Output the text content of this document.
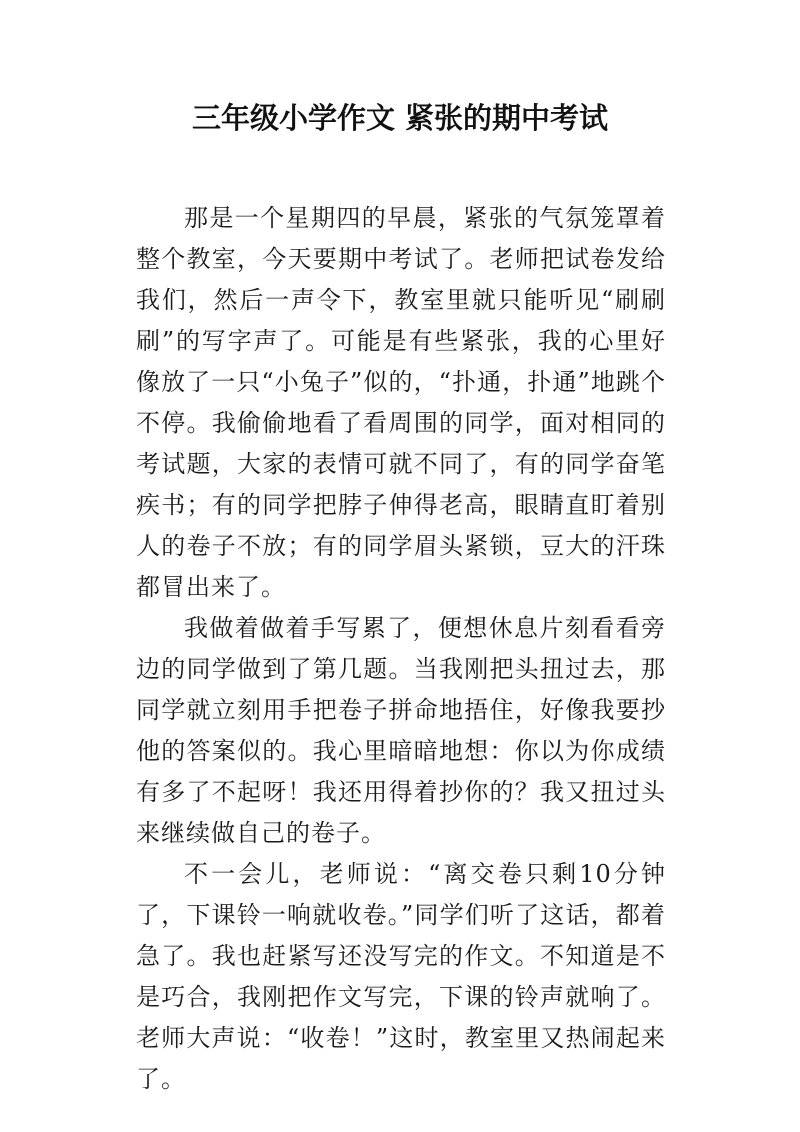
三年级小学作文 紧张的期中考试

那是一个星期四的早晨，紧张的气氛笼罩着整个教室，今天要期中考试了。老师把试卷发给我们，然后一声令下，教室里就只能听见“刷刷刷”的写字声了。可能是有些紧张，我的心里好像放了一只“小兔子”似的，“扑通，扑通”地跳个不停。我偷偷地看了看周围的同学，面对相同的考试题，大家的表情可就不同了，有的同学奋笔疾书；有的同学把脖子伸得老高，眼睛直盯着别人的卷子不放；有的同学眉头紧锁，豆大的汗珠都冒出来了。

我做着做着手写累了，便想休息片刻看看旁边的同学做到了第几题。当我刚把头扭过去，那同学就立刻用手把卷子拼命地捂住，好像我要抄他的答案似的。我心里暗暗地想：你以为你成绩有多了不起呀！我还用得着抄你的？我又扭过头来继续做自己的卷子。

不一会儿，老师说：“离交卷只剩10分钟了，下课铃一响就收卷。”同学们听了这话，都着急了。我也赶紧写还没写完的作文。不知道是不是巧合，我刚把作文写完，下课的铃声就响了。老师大声说：“收卷！”这时，教室里又热闹起来了。
